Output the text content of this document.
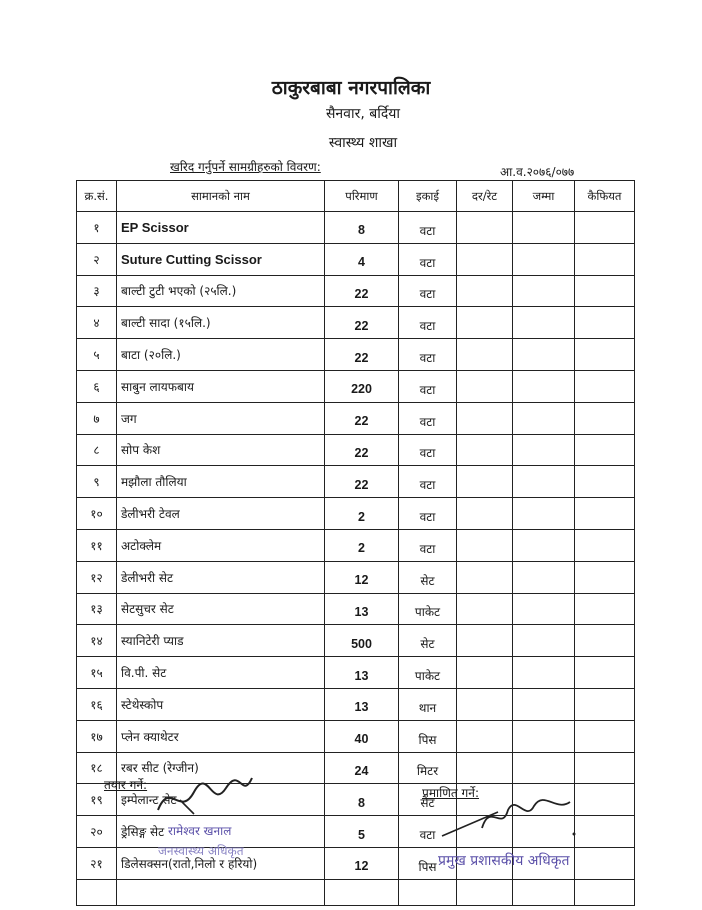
ठाकुरबाबा नगरपालिका
सैनवार, बर्दिया
स्वास्थ्य शाखा
खरिद गर्नुपर्ने सामग्रीहरुको विवरण:	आ.व.२०७६/०७७
क्र.सं.	सामानको नाम	परिमाण	इकाई	दर/रेट	जम्मा	कैफियत
१	EP Scissor	8	वटा			
२	Suture Cutting Scissor	4	वटा			
३	बाल्टी टुटी भएको (२५लि.)	22	वटा			
४	बाल्टी सादा (१५लि.)	22	वटा			
५	बाटा (२०लि.)	22	वटा			
६	साबुन लायफबाय	220	वटा			
७	जग	22	वटा			
८	सोप केश	22	वटा			
९	मझौला तौलिया	22	वटा			
१०	डेलीभरी टेवल	2	वटा			
११	अटोक्लेम	2	वटा			
१२	डेलीभरी सेट	12	सेट			
१३	सेटसुचर सेट	13	पाकेट			
१४	स्यानिटेरी प्याड	500	सेट			
१५	वि.पी. सेट	13	पाकेट			
१६	स्टेथेस्कोप	13	थान			
१७	प्लेन क्याथेटर	40	पिस			
१८	रबर सीट (रेग्जीन)	24	मिटर			
१९	इम्पेलान्ट सेट	8	सेट			
२०	ड्रेसिङ्ग सेट	5	वटा			
२१	डिलेसक्सन(रातो,निलो र हरियो)	12	पिस			

तयार गर्ने:
प्रमाणित गर्ने:
रामेश्वर खनाल
जनस्वास्थ्य अधिकृत
प्रमुख प्रशासकीय अधिकृत
